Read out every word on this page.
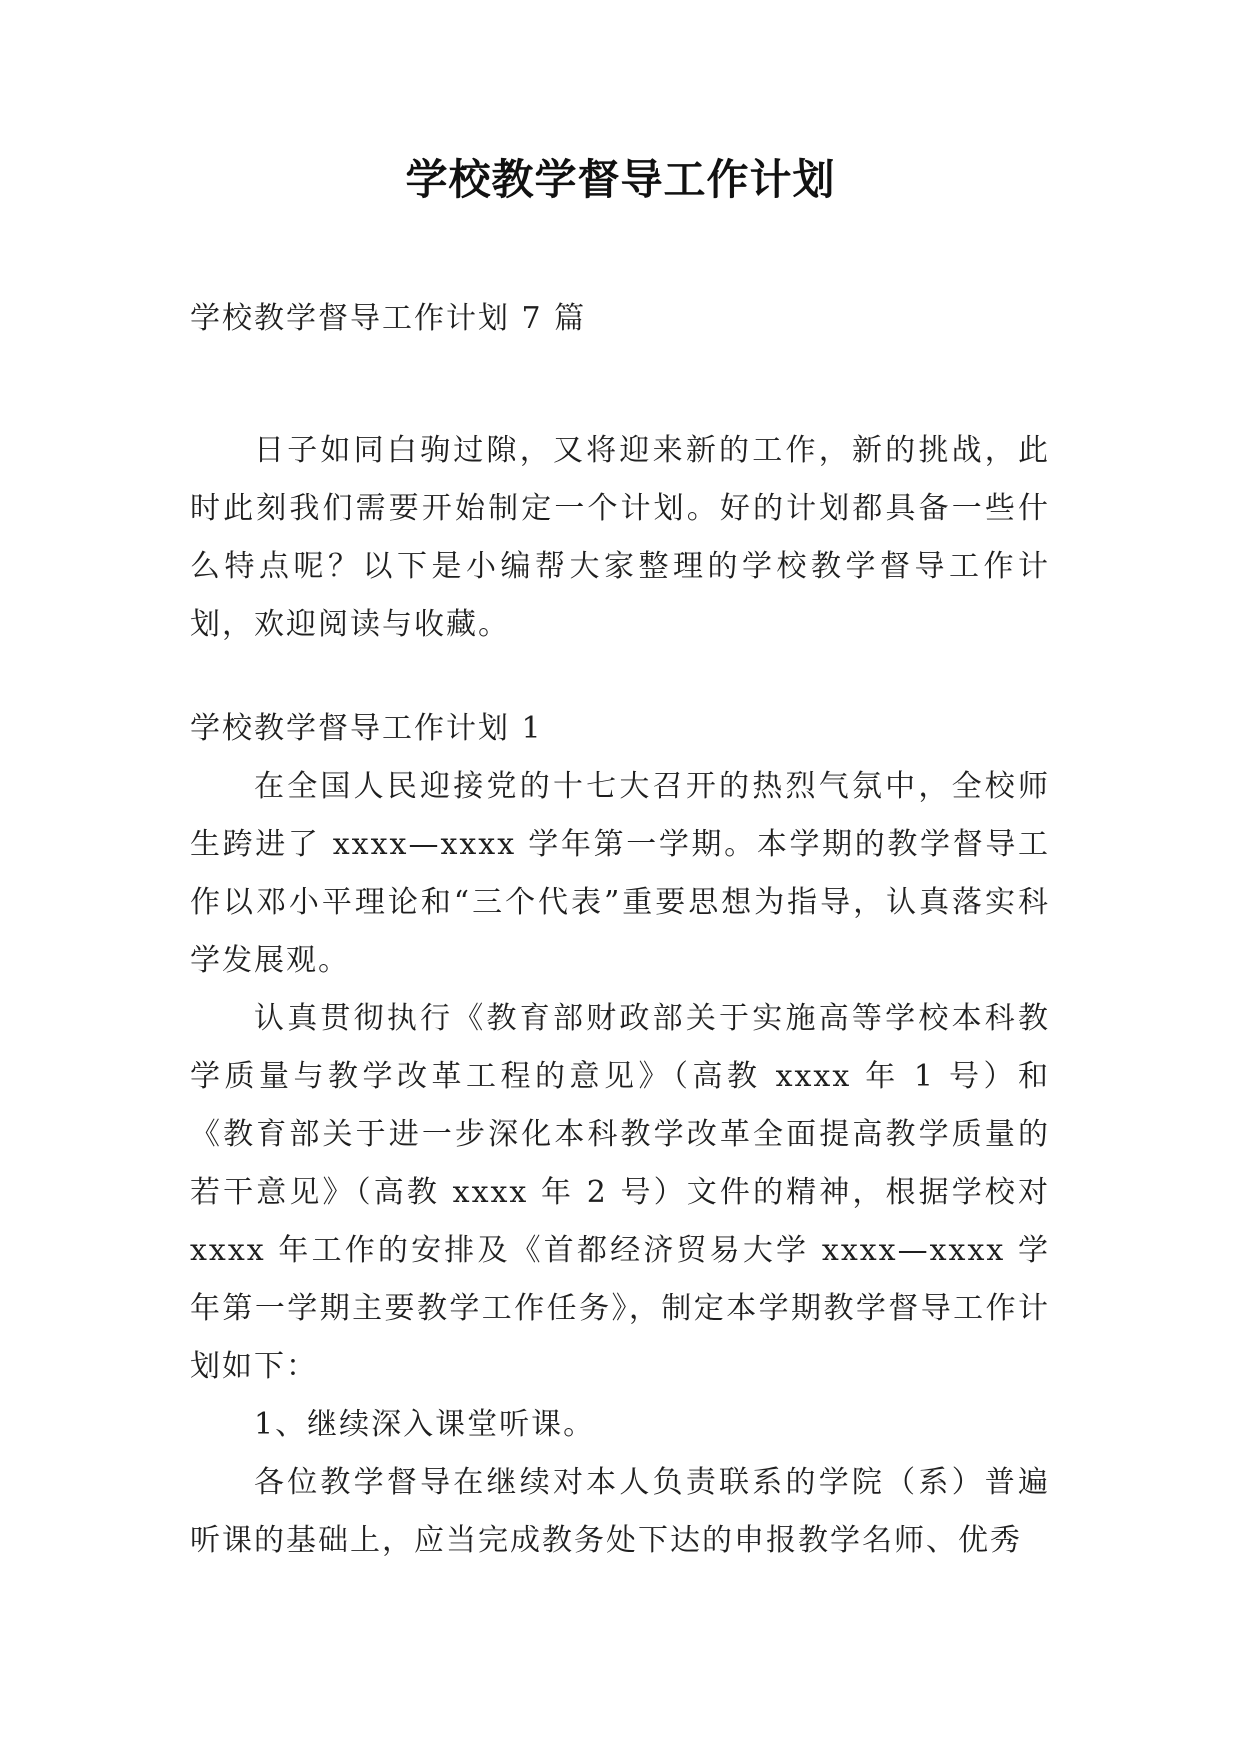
学校教学督导工作计划

学校教学督导工作计划 7 篇

日子如同白驹过隙，又将迎来新的工作，新的挑战，此时此刻我们需要开始制定一个计划。好的计划都具备一些什么特点呢？以下是小编帮大家整理的学校教学督导工作计划，欢迎阅读与收藏。

学校教学督导工作计划 1

在全国人民迎接党的十七大召开的热烈气氛中，全校师生跨进了 xxxx—xxxx 学年第一学期。本学期的教学督导工作以邓小平理论和“三个代表”重要思想为指导，认真落实科学发展观。

认真贯彻执行《教育部财政部关于实施高等学校本科教学质量与教学改革工程的意见》（高教 xxxx 年 1 号）和《教育部关于进一步深化本科教学改革全面提高教学质量的若干意见》（高教 xxxx 年 2 号）文件的精神，根据学校对 xxxx 年工作的安排及《首都经济贸易大学 xxxx—xxxx 学年第一学期主要教学工作任务》，制定本学期教学督导工作计划如下：

1、继续深入课堂听课。

各位教学督导在继续对本人负责联系的学院（系）普遍听课的基础上，应当完成教务处下达的申报教学名师、优秀
